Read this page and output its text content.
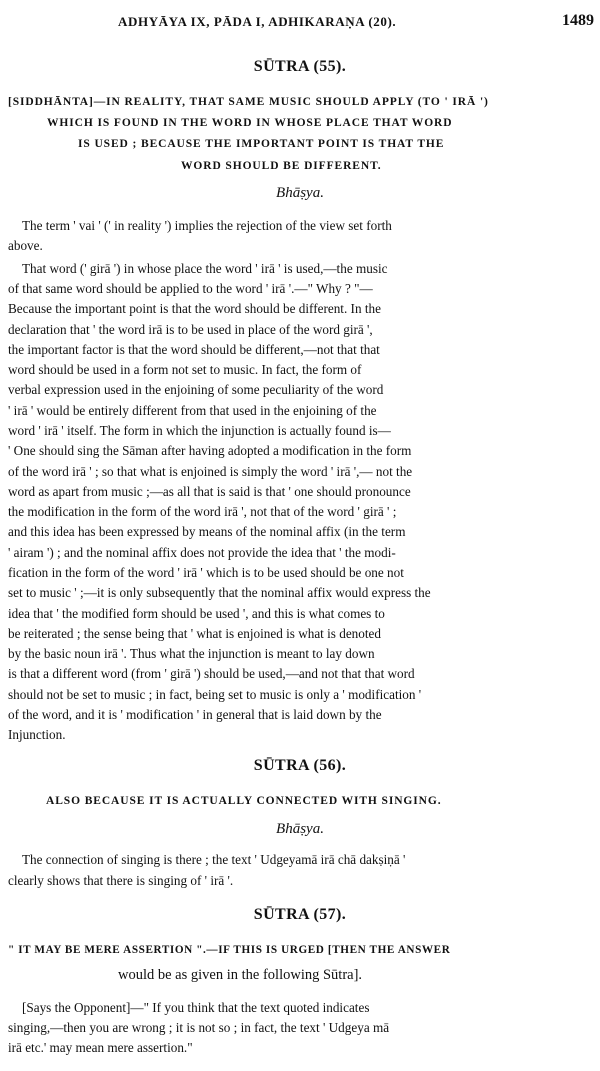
ADHYĀYA IX, PĀDA I, ADHIKARAṆA (20).	1489
SŪTRA (55).
[SIDDHĀNTA]—IN REALITY, THAT SAME MUSIC SHOULD APPLY (TO ' IRĀ ')
WHICH IS FOUND IN THE WORD IN WHOSE PLACE THAT WORD
IS USED ; BECAUSE THE IMPORTANT POINT IS THAT THE
WORD SHOULD BE DIFFERENT.
Bhāṣya.
The term ' vai ' (' in reality ') implies the rejection of the view set forth
above.
That word (' girā ') in whose place the word ' irā ' is used,—the music
of that same word should be applied to the word ' irā '.—" Why ? "—
Because the important point is that the word should be different. In the
declaration that ' the word irā is to be used in place of the word girā ',
the important factor is that the word should be different,—not that that
word should be used in a form not set to music. In fact, the form of
verbal expression used in the enjoining of some peculiarity of the word
' irā ' would be entirely different from that used in the enjoining of the
word ' irā ' itself. The form in which the injunction is actually found is—
' One should sing the Sāman after having adopted a modification in the form
of the word irā ' ; so that what is enjoined is simply the word ' irā ',— not the
word as apart from music ;—as all that is said is that ' one should pronounce
the modification in the form of the word irā ', not that of the word ' girā ' ;
and this idea has been expressed by means of the nominal affix (in the term
' airam ') ; and the nominal affix does not provide the idea that ' the modi-
fication in the form of the word ' irā ' which is to be used should be one not
set to music ' ;—it is only subsequently that the nominal affix would express the
idea that ' the modified form should be used ', and this is what comes to
be reiterated ; the sense being that ' what is enjoined is what is denoted
by the basic noun irā '. Thus what the injunction is meant to lay down
is that a different word (from ' girā ') should be used,—and not that that word
should not be set to music ; in fact, being set to music is only a ' modification '
of the word, and it is ' modification ' in general that is laid down by the
Injunction.
SŪTRA (56).
ALSO BECAUSE IT IS ACTUALLY CONNECTED WITH SINGING.
Bhāṣya.
The connection of singing is there ; the text ' Udgeyamā irā chā dakṣiṇā '
clearly shows that there is singing of ' irā '.
SŪTRA (57).
" IT MAY BE MERE ASSERTION ".—IF THIS IS URGED [THEN THE ANSWER
would be as given in the following Sūtra].
[Says the Opponent]—" If you think that the text quoted indicates
singing,—then you are wrong ; it is not so ; in fact, the text ' Udgeya mā
irā etc.' may mean mere assertion."
